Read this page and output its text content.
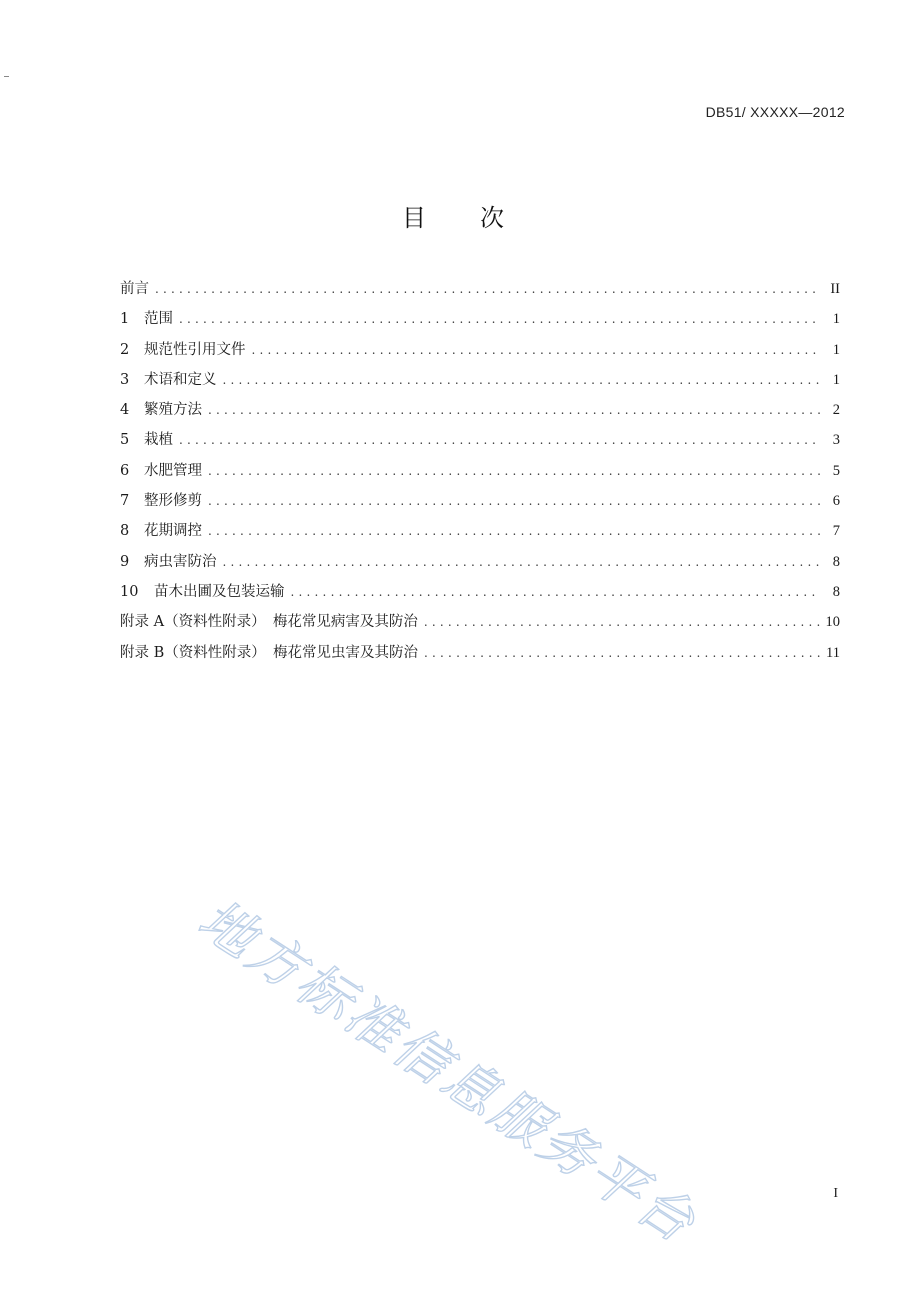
DB51/ XXXXX—2012
目次
前言 .....	II
1	范围 .....	1
2	规范性引用文件 .....	1
3	术语和定义 .....	1
4	繁殖方法 .....	2
5	栽植 .....	3
6	水肥管理 .....	5
7	整形修剪 .....	6
8	花期调控 .....	7
9	病虫害防治 .....	8
10	苗木出圃及包装运输 .....	8
附录 A（资料性附录）　梅花常见病害及其防治 .....	10
附录 B（资料性附录）　梅花常见虫害及其防治 .....	11
地方标准信息服务平台	I
